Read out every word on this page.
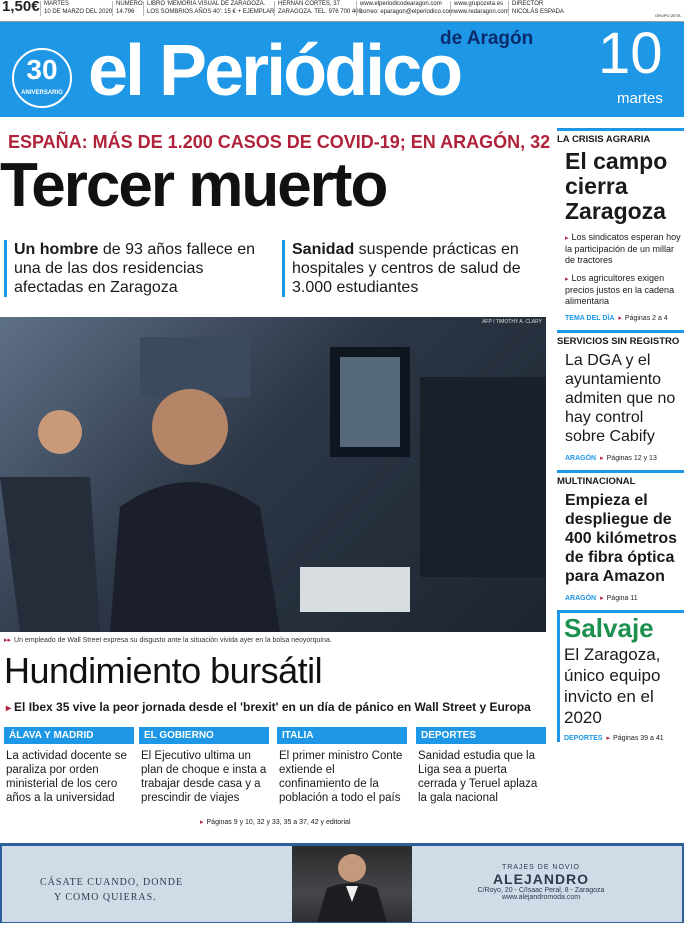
1,50€ MARTES
10 DE MARZO DEL 2020
NÚMERO
14.796
LIBRO 'MEMORIA VISUAL DE ZARAGOZA.
LOS SOMBRIOS AÑOS 40': 15 € + EJEMPLAR
HERNÁN CORTÉS, 37
ZARAGOZA. TEL. 976 700 400
www.elperiodicodearagon.com
correo: eparagon@elperiodico.com
www.grupozeta.es
www.redaragon.com
DIRECTOR
NICOLÁS ESPADA
GRUPO ZETA
30
ANIVERSARIO el Periódico
de Aragón 10
martes
ESPAÑA: MÁS DE 1.200 CASOS DE COVID-19; EN ARAGÓN, 32
Tercer muerto
Un hombre de 93 años fallece en una de las dos residencias afectadas en Zaragoza
Sanidad suspende prácticas en hospitales y centros de salud de 3.000 estudiantes
AFP / TIMOTHY A. CLARY
▸▸ Un empleado de Wall Street expresa su disgusto ante la situación vivida ayer en la bolsa neoyorquina.
Hundimiento bursátil
▸ El Ibex 35 vive la peor jornada desde el 'brexit' en un día de pánico en Wall Street y Europa
ÁLAVA Y MADRID
La actividad docente se paraliza por orden ministerial de los cero años a la universidad
EL GOBIERNO
El Ejecutivo ultima un plan de choque e insta a trabajar desde casa y a prescindir de viajes
ITALIA
El primer ministro Conte extiende el confinamiento de la población a todo el país
DEPORTES
Sanidad estudia que la Liga sea a puerta cerrada y Teruel aplaza la gala nacional
▸ Páginas 9 y 10, 32 y 33, 35 a 37, 42 y editorial
LA CRISIS AGRARIA
El campo cierra Zaragoza
▸ Los sindicatos esperan hoy la participación de un millar de tractores
▸ Los agricultores exigen precios justos en la cadena alimentaria
TEMA DEL DÍA ▸ Páginas 2 a 4
SERVICIOS SIN REGISTRO
La DGA y el ayuntamiento admiten que no hay control sobre Cabify
ARAGÓN ▸ Páginas 12 y 13
MULTINACIONAL
Empieza el despliegue de 400 kilómetros de fibra óptica para Amazon
ARAGÓN ▸ Página 11
Salvaje
El Zaragoza, único equipo invicto en el 2020
DEPORTES ▸ Páginas 39 a 41
CÁSATE CUANDO, DONDE
Y COMO QUIERAS.
TRAJES DE NOVIO
ALEJANDRO
C/Royo, 20 - C/Isaac Peral, 8 - Zaragoza
www.alejandromoda.com
